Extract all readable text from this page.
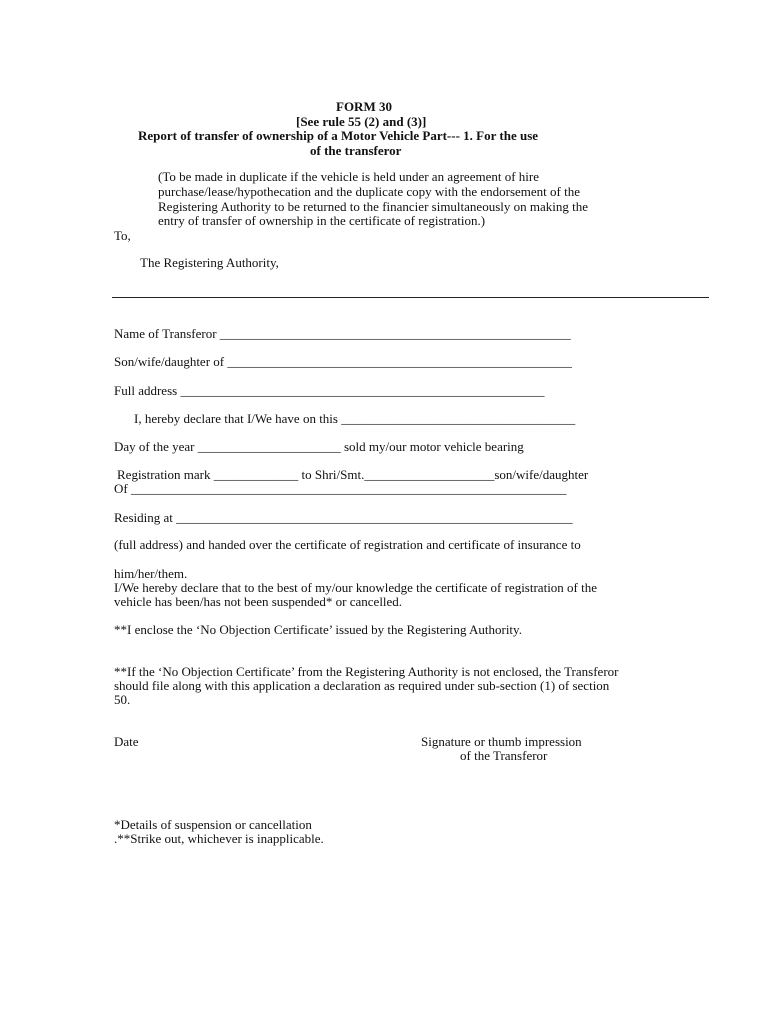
FORM 30
[See rule 55 (2) and (3)]
Report of transfer of ownership of a Motor Vehicle Part--- 1. For the use
of the transferor
(To be made in duplicate if the vehicle is held under an agreement of hire
purchase/lease/hypothecation and the duplicate copy with the endorsement of the
Registering Authority to be returned to the financier simultaneously on making the
entry of transfer of ownership in the certificate of registration.)
To,
The Registering Authority,
Name of Transferor ______________________________________________________
Son/wife/daughter of _____________________________________________________
Full address ________________________________________________________
I, hereby declare that I/We have on this ____________________________________
Day of the year ______________________ sold my/our motor vehicle bearing
Registration mark _____________ to Shri/Smt.____________________son/wife/daughter
Of ___________________________________________________________________
Residing at _____________________________________________________________
(full address) and handed over the certificate of registration and certificate of insurance to
him/her/them.
I/We hereby declare that to the best of my/our knowledge the certificate of registration of the
vehicle has been/has not been suspended* or cancelled.
**I enclose the ‘No Objection Certificate’ issued by the Registering Authority.
**If the ‘No Objection Certificate’ from the Registering Authority is not enclosed, the Transferor
should file along with this application a declaration as required under sub-section (1) of section
50.
Date	Signature or thumb impression
of the Transferor
*Details of suspension or cancellation
.**Strike out, whichever is inapplicable.
